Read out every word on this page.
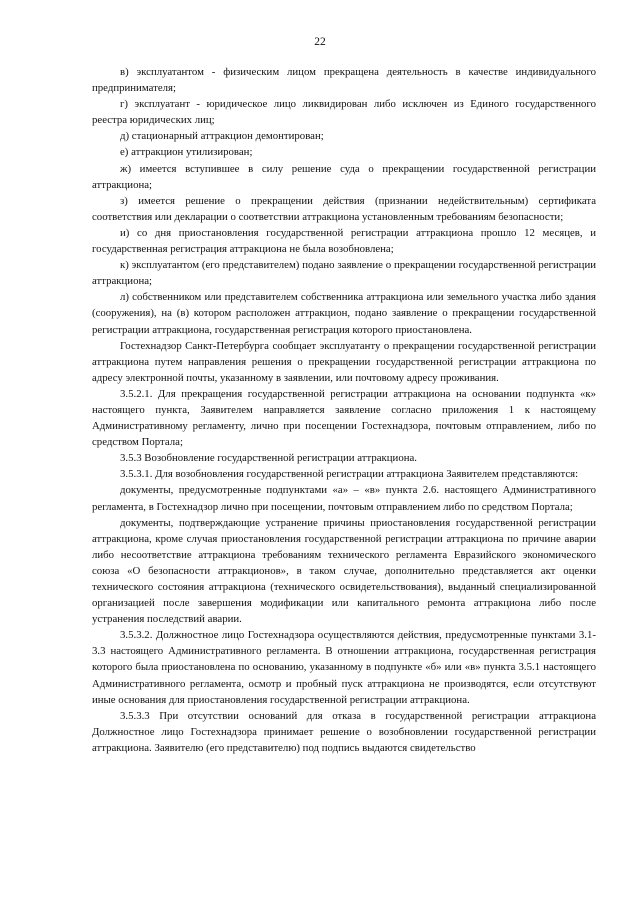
22

в) эксплуатантом - физическим лицом прекращена деятельность в качестве индивидуального предпринимателя;

г) эксплуатант - юридическое лицо ликвидирован либо исключен из Единого государственного реестра юридических лиц;

д) стационарный аттракцион демонтирован;

е) аттракцион утилизирован;

ж) имеется вступившее в силу решение суда о прекращении государственной регистрации аттракциона;

з) имеется решение о прекращении действия (признании недействительным) сертификата соответствия или декларации о соответствии аттракциона установленным требованиям безопасности;

и) со дня приостановления государственной регистрации аттракциона прошло 12 месяцев, и государственная регистрация аттракциона не была возобновлена;

к) эксплуатантом (его представителем) подано заявление о прекращении государственной регистрации аттракциона;

л) собственником или представителем собственника аттракциона или земельного участка либо здания (сооружения), на (в) котором расположен аттракцион, подано заявление о прекращении государственной регистрации аттракциона, государственная регистрация которого приостановлена.

Гостехнадзор Санкт-Петербурга сообщает эксплуатанту о прекращении государственной регистрации аттракциона путем направления решения о прекращении государственной регистрации аттракциона по адресу электронной почты, указанному в заявлении, или почтовому адресу проживания.

3.5.2.1. Для прекращения государственной регистрации аттракциона на основании подпункта «к» настоящего пункта, Заявителем направляется заявление согласно приложения 1 к настоящему Административному регламенту, лично при посещении Гостехнадзора, почтовым отправлением, либо по средством Портала;

3.5.3 Возобновление государственной регистрации аттракциона.

3.5.3.1. Для возобновления государственной регистрации аттракциона Заявителем представляются:

документы, предусмотренные подпунктами «а» – «в» пункта 2.6. настоящего Административного регламента, в Гостехнадзор лично при посещении, почтовым отправлением либо по средством Портала;

документы, подтверждающие устранение причины приостановления государственной регистрации аттракциона, кроме случая приостановления государственной регистрации аттракциона по причине аварии либо несоответствие аттракциона требованиям технического регламента Евразийского экономического союза «О безопасности аттракционов», в таком случае, дополнительно представляется акт оценки технического состояния аттракциона (технического освидетельствования), выданный специализированной организацией после завершения модификации или капитального ремонта аттракциона либо после устранения последствий аварии.

3.5.3.2. Должностное лицо Гостехнадзора осуществляются действия, предусмотренные пунктами 3.1-3.3 настоящего Административного регламента. В отношении аттракциона, государственная регистрация которого была приостановлена по основанию, указанному в подпункте «б» или «в» пункта 3.5.1 настоящего Административного регламента, осмотр и пробный пуск аттракциона не производятся, если отсутствуют иные основания для приостановления государственной регистрации аттракциона.

3.5.3.3 При отсутствии оснований для отказа в государственной регистрации аттракциона Должностное лицо Гостехнадзора принимает решение о возобновлении государственной регистрации аттракциона. Заявителю (его представителю) под подпись выдаются свидетельство
